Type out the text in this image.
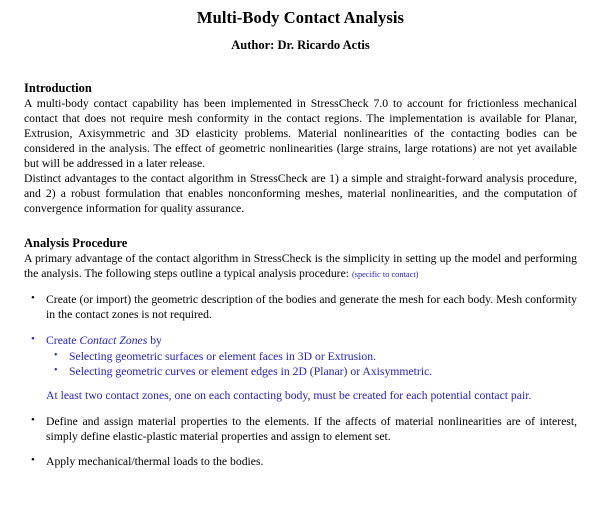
Multi-Body Contact Analysis
Author: Dr. Ricardo Actis
Introduction

A multi-body contact capability has been implemented in StressCheck 7.0 to account for frictionless mechanical contact that does not require mesh conformity in the contact regions. The implementation is available for Planar, Extrusion, Axisymmetric and 3D elasticity problems. Material nonlinearities of the contacting bodies can be considered in the analysis. The effect of geometric nonlinearities (large strains, large rotations) are not yet available but will be addressed in a later release.

Distinct advantages to the contact algorithm in StressCheck are 1) a simple and straight-forward analysis procedure, and 2) a robust formulation that enables nonconforming meshes, material nonlinearities, and the computation of convergence information for quality assurance.

Analysis Procedure

A primary advantage of the contact algorithm in StressCheck is the simplicity in setting up the model and performing the analysis. The following steps outline a typical analysis procedure: (specific to contact)

• Create (or import) the geometric description of the bodies and generate the mesh for each body. Mesh conformity in the contact zones is not required.
• Create Contact Zones by
• Selecting geometric surfaces or element faces in 3D or Extrusion.
• Selecting geometric curves or element edges in 2D (Planar) or Axisymmetric.
At least two contact zones, one on each contacting body, must be created for each potential contact pair.
• Define and assign material properties to the elements. If the affects of material nonlinearities are of interest, simply define elastic-plastic material properties and assign to element set.
• Apply mechanical/thermal loads to the bodies.
